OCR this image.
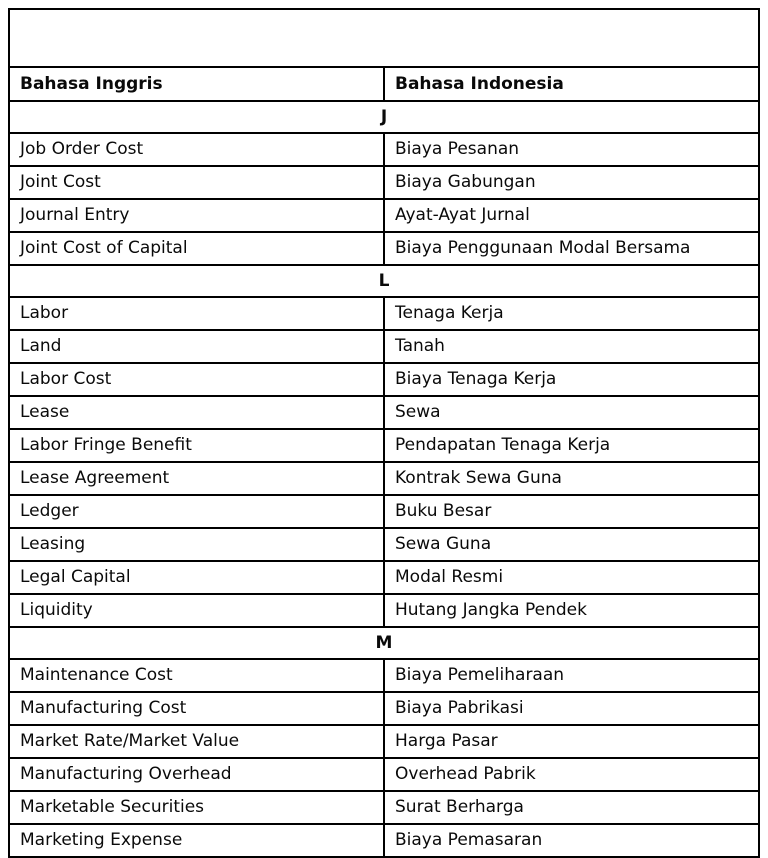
Istilah Akuntansi dalam Bahasa Inggris dari J - M	
Bahasa Inggris	Bahasa Indonesia
J	
Job Order Cost	Biaya Pesanan
Joint Cost	Biaya Gabungan
Journal Entry	Ayat-Ayat Jurnal
Joint Cost of Capital	Biaya Penggunaan Modal Bersama
L	
Labor	Tenaga Kerja
Land	Tanah
Labor Cost	Biaya Tenaga Kerja
Lease	Sewa
Labor Fringe Benefit	Pendapatan Tenaga Kerja
Lease Agreement	Kontrak Sewa Guna
Ledger	Buku Besar
Leasing	Sewa Guna
Legal Capital	Modal Resmi
Liquidity	Hutang Jangka Pendek
M	
Maintenance Cost	Biaya Pemeliharaan
Manufacturing Cost	Biaya Pabrikasi
Market Rate/Market Value	Harga Pasar
Manufacturing Overhead	Overhead Pabrik
Marketable Securities	Surat Berharga
Marketing Expense	Biaya Pemasaran
